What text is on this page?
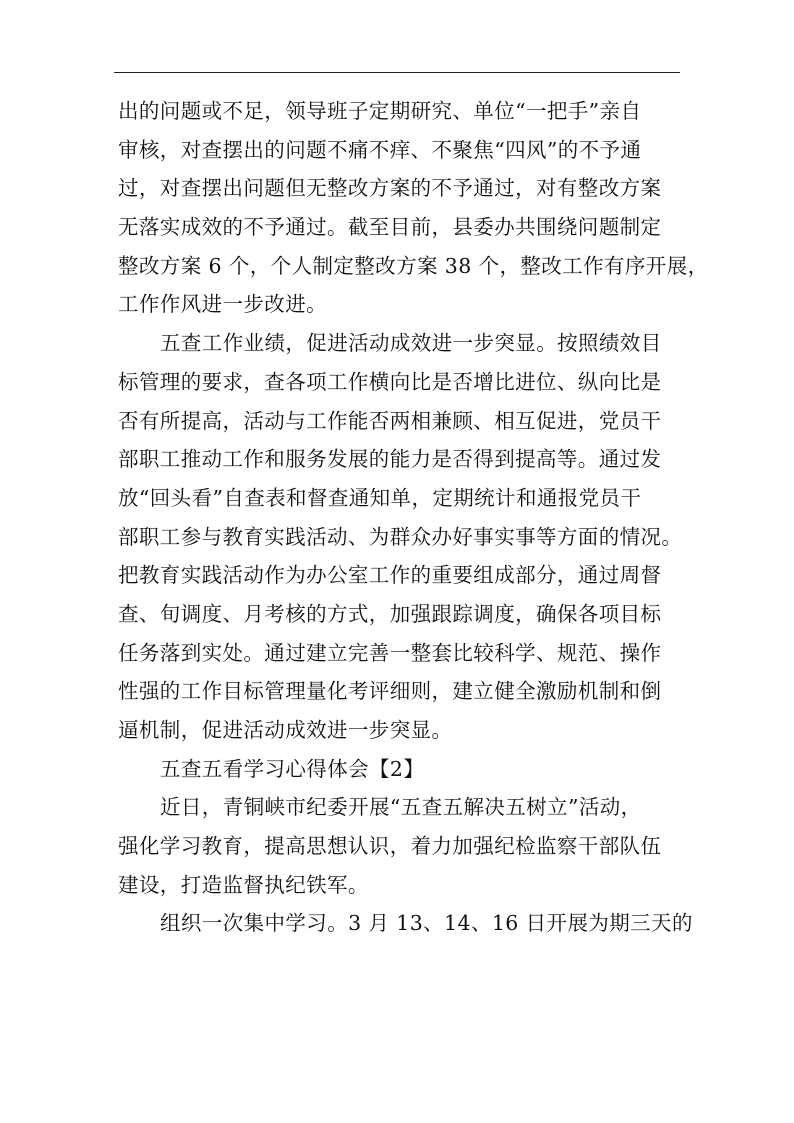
出的问题或不足，领导班子定期研究、单位“一把手”亲自
审核，对查摆出的问题不痛不痒、不聚焦“四风”的不予通
过，对查摆出问题但无整改方案的不予通过，对有整改方案
无落实成效的不予通过。截至目前，县委办共围绕问题制定
整改方案 6 个，个人制定整改方案 38 个，整改工作有序开展，
工作作风进一步改进。
五查工作业绩，促进活动成效进一步突显。按照绩效目
标管理的要求，查各项工作横向比是否增比进位、纵向比是
否有所提高，活动与工作能否两相兼顾、相互促进，党员干
部职工推动工作和服务发展的能力是否得到提高等。通过发
放“回头看”自查表和督查通知单，定期统计和通报党员干
部职工参与教育实践活动、为群众办好事实事等方面的情况。
把教育实践活动作为办公室工作的重要组成部分，通过周督
查、旬调度、月考核的方式，加强跟踪调度，确保各项目标
任务落到实处。通过建立完善一整套比较科学、规范、操作
性强的工作目标管理量化考评细则，建立健全激励机制和倒
逼机制，促进活动成效进一步突显。
五查五看学习心得体会【2】
近日，青铜峡市纪委开展“五查五解决五树立”活动，
强化学习教育，提高思想认识，着力加强纪检监察干部队伍
建设，打造监督执纪铁军。
组织一次集中学习。3 月 13、14、16 日开展为期三天的
